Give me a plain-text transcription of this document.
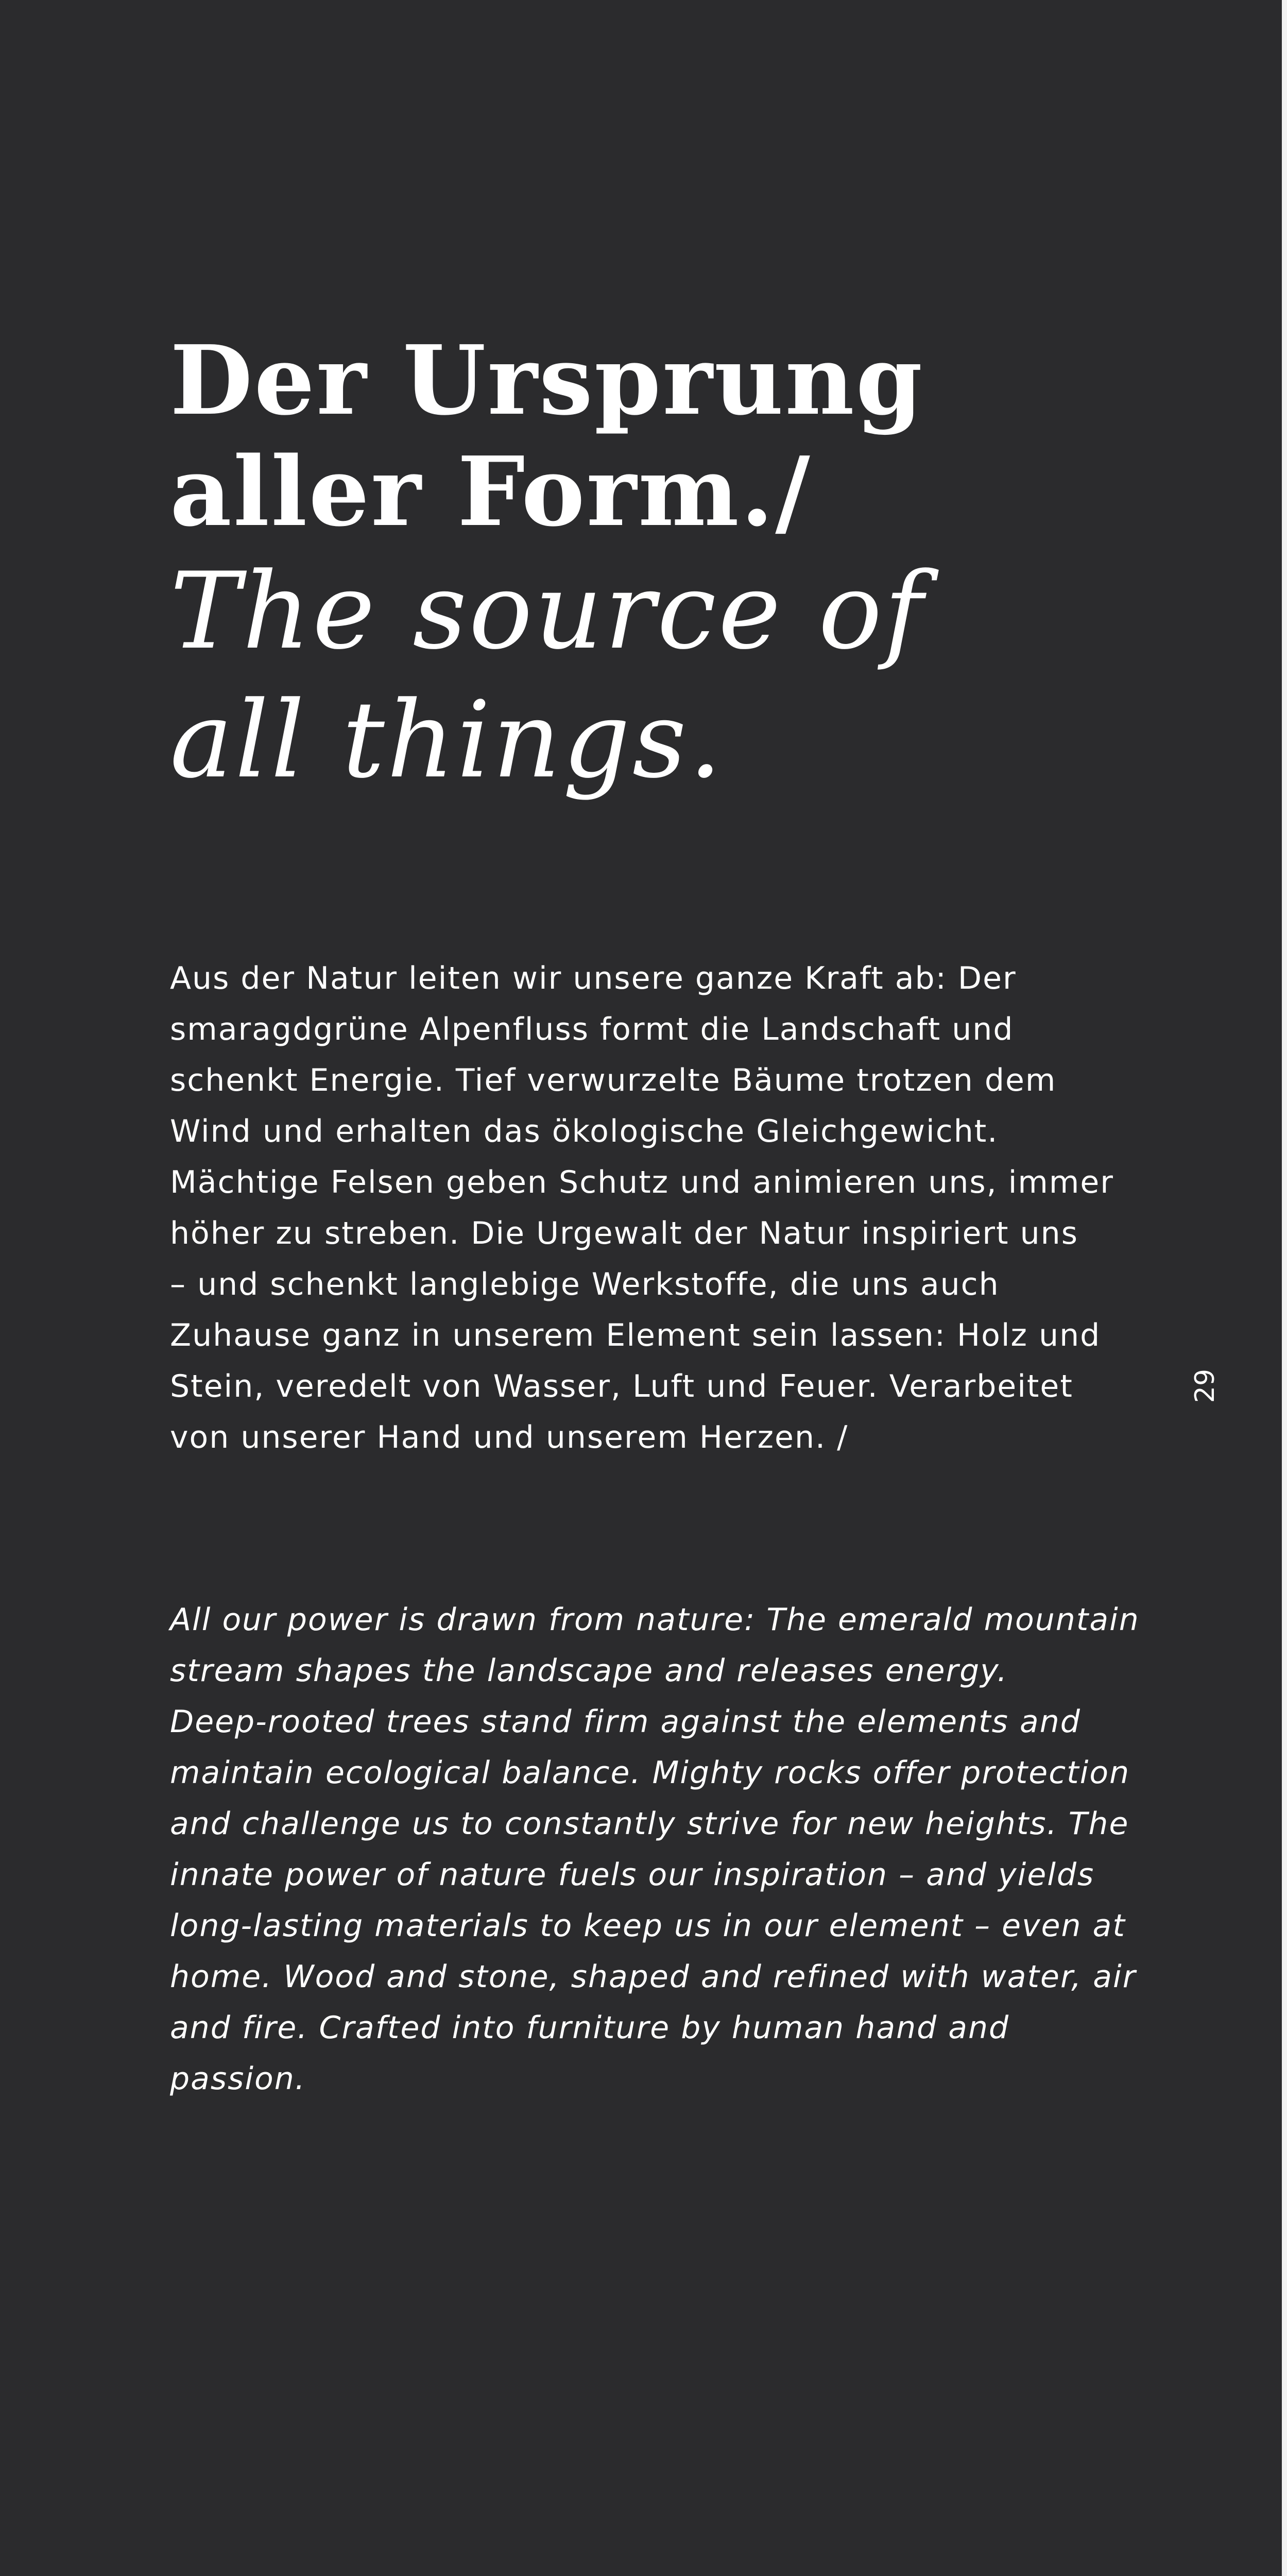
Der Ursprung
aller Form./
The source of
all things.

Aus der Natur leiten wir unsere ganze Kraft ab: Der
smaragdgrüne Alpenfluss formt die Landschaft und
schenkt Energie. Tief verwurzelte Bäume trotzen dem
Wind und erhalten das ökologische Gleichgewicht.
Mächtige Felsen geben Schutz und animieren uns, immer
höher zu streben. Die Urgewalt der Natur inspiriert uns
– und schenkt langlebige Werkstoffe, die uns auch
Zuhause ganz in unserem Element sein lassen: Holz und
Stein, veredelt von Wasser, Luft und Feuer. Verarbeitet
von unserer Hand und unserem Herzen. /

29

All our power is drawn from nature: The emerald mountain
stream shapes the landscape and releases energy.
Deep-rooted trees stand firm against the elements and
maintain ecological balance. Mighty rocks offer protection
and challenge us to constantly strive for new heights. The
innate power of nature fuels our inspiration – and yields
long-lasting materials to keep us in our element – even at
home. Wood and stone, shaped and refined with water, air
and fire. Crafted into furniture by human hand and
passion.
